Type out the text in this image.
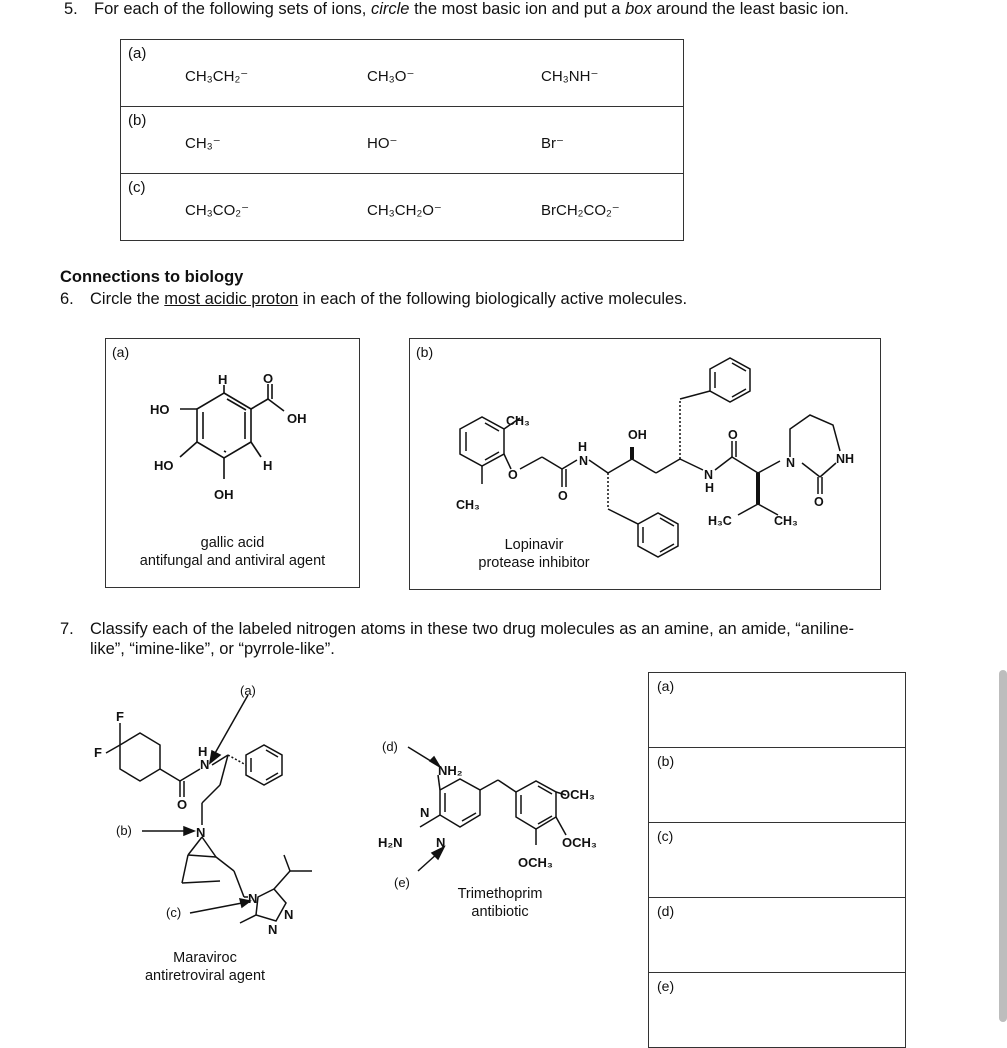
5. For each of the following sets of ions, circle the most basic ion and put a box around the least basic ion.
(a)
CH₃CH₂⁻	CH₃O⁻	CH₃NH⁻

(b)
CH₃⁻	HO⁻	Br⁻

(c)
CH₃CO₂⁻	CH₃CH₂O⁻	BrCH₂CO₂⁻
Connections to biology
6. Circle the most acidic proton in each of the following biologically active molecules.
(a)
H	O
OH
HO
HO	H
OH
gallic acid
antifungal and antiviral agent
(b)
CH₃
CH₃
O
O
H
N
OH
N
H
O
H₃C	CH₃
N	NH
O
Lopinavir
protease inhibitor
7. Classify each of the labeled nitrogen atoms in these two drug molecules as an amine, an amide, “aniline-
like”, “imine-like”, or “pyrrole-like”.
F
F
O
H
N
N
N
N
N
(a)
(b)
(c)
Maraviroc
antiretroviral agent
NH₂
H₂N
N
N
OCH₃
OCH₃
OCH₃
(d)
(e)
Trimethoprim
antibiotic
(a)
(b)
(c)
(d)
(e)
